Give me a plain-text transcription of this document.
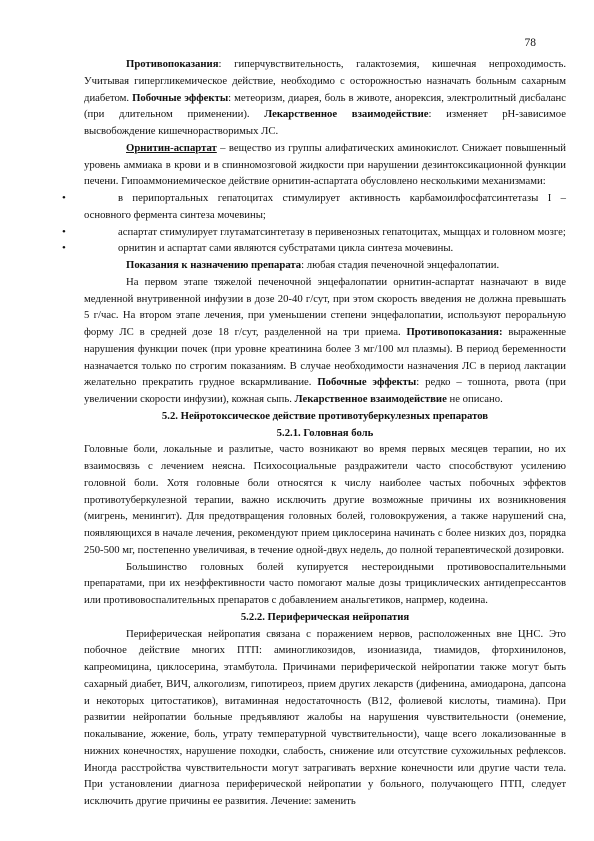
78

Противопоказания: гиперчувствительность, галактоземия, кишечная непроходимость. Учитывая гипергликемическое действие, необходимо с осторожностью назначать больным сахарным диабетом. Побочные эффекты: метеоризм, диарея, боль в животе, анорексия, электролитный дисбаланс (при длительном применении). Лекарственное взаимодействие: изменяет pH-зависимое высвобождение кишечнорастворимых ЛС.

Орнитин-аспартат – вещество из группы алифатических аминокислот. Снижает повышенный уровень аммиака в крови и в спинномозговой жидкости при нарушении дезинтоксикационной функции печени. Гипоаммониемическое действие орнитин-аспартата обусловлено несколькими механизмами:

•	в перипортальных гепатоцитах стимулирует активность карбамоилфосфатсинтетазы I – основного фермента синтеза мочевины;

•	аспартат стимулирует глутаматсинтетазу в перивенозных гепатоцитах, мыщцах и головном мозге;

•	орнитин и аспартат сами являются субстратами цикла синтеза мочевины.

Показания к назначению препарата: любая стадия печеночной энцефалопатии.

На первом этапе тяжелой печеночной энцефалопатии орнитин-аспартат назначают в виде медленной внутривенной инфузии в дозе 20-40 г/сут, при этом скорость введения не должна превышать 5 г/час. На втором этапе лечения, при уменьшении степени энцефалопатии, используют пероральную форму ЛС в средней дозе 18 г/сут, разделенной на три приема. Противопоказания: выраженные нарушения функции почек (при уровне креатинина более 3 мг/100 мл плазмы). В период беременности назначается только по строгим показаниям. В случае необходимости назначения ЛС в период лактации желательно прекратить грудное вскармливание. Побочные эффекты: редко – тошнота, рвота (при увеличении скорости инфузии), кожная сыпь. Лекарственное взаимодействие не описано.

5.2. Нейротоксическое действие противотуберкулезных препаратов

5.2.1. Головная боль

Головные боли, локальные и разлитые, часто возникают во время первых месяцев терапии, но их взаимосвязь с лечением неясна. Психосоциальные раздражители часто способствуют усилению головной боли. Хотя головные боли относятся к числу наиболее частых побочных эффектов противотуберкулезной терапии, важно исключить другие возможные причины их возникновения (мигрень, менингит). Для предотвращения головных болей, головокружения, а также нарушений сна, появляющихся в начале лечения, рекомендуют прием циклосерина начинать с более низких доз, порядка 250-500 мг, постепенно увеличивая, в течение одной-двух недель, до полной терапевтической дозировки.

Большинство головных болей купируется нестероидными противовоспалительными препаратами, при их неэффективности часто помогают малые дозы трициклических антидепрессантов или противовоспалительных препаратов с добавлением анальгетиков, напрмер, кодеина.

5.2.2. Периферическая нейропатия

Периферическая нейропатия связана с поражением нервов, расположенных вне ЦНС. Это побочное действие многих ПТП: аминогликозидов, изониазида, тиамидов, фторхинилонов, капреомицина, циклосерина, этамбутола. Причинами периферической нейропатии также могут быть сахарный диабет, ВИЧ, алкоголизм, гипотиреоз, прием других лекарств (дифенина, амиодарона, дапсона и некоторых цитостатиков), витаминная недостаточность (B12, фолиевой кислоты, тиамина). При развитии нейропатии больные предъявляют жалобы на нарушения чувствительности (онемение, покалывание, жжение, боль, утрату температурной чувствительности), чаще всего локализованные в нижних конечностях, нарушение походки, слабость, снижение или отсутствие сухожильных рефлексов. Иногда расстройства чувствительности могут затрагивать верхние конечности или другие части тела. При установлении диагноза периферической нейропатии у больного, получающего ПТП, следует исключить другие причины ее развития. Лечение: заменить
